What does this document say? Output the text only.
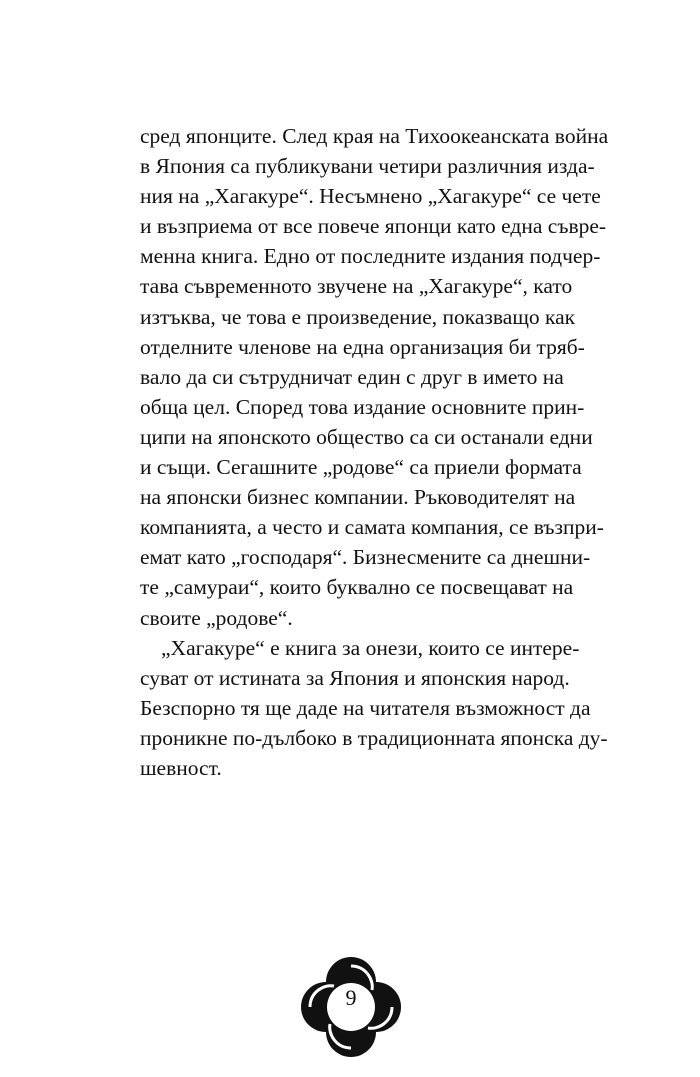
сред японците. След края на Тихоокеанската война
в Япония са публикувани четири различния изда-
ния на „Хагакуре“. Несъмнено „Хагакуре“ се чете
и възприема от все повече японци като една съвре-
менна книга. Едно от последните издания подчер-
тава съвременното звучене на „Хагакуре“, като
изтъква, че това е произведение, показващо как
отделните членове на една организация би тряб-
вало да си сътрудничат един с друг в името на
обща цел. Според това издание основните прин-
ципи на японското общество са си останали едни
и същи. Сегашните „родове“ са приели формата
на японски бизнес компании. Ръководителят на
компанията, а често и самата компания, се възпри-
емат като „господаря“. Бизнесмените са днешни-
те „самураи“, които буквално се посвещават на
своите „родове“.
„Хагакуре“ е книга за онези, които се интере-
суват от истината за Япония и японския народ.
Безспорно тя ще даде на читателя възможност да
проникне по-дълбоко в традиционната японска ду-
шевност.
9
